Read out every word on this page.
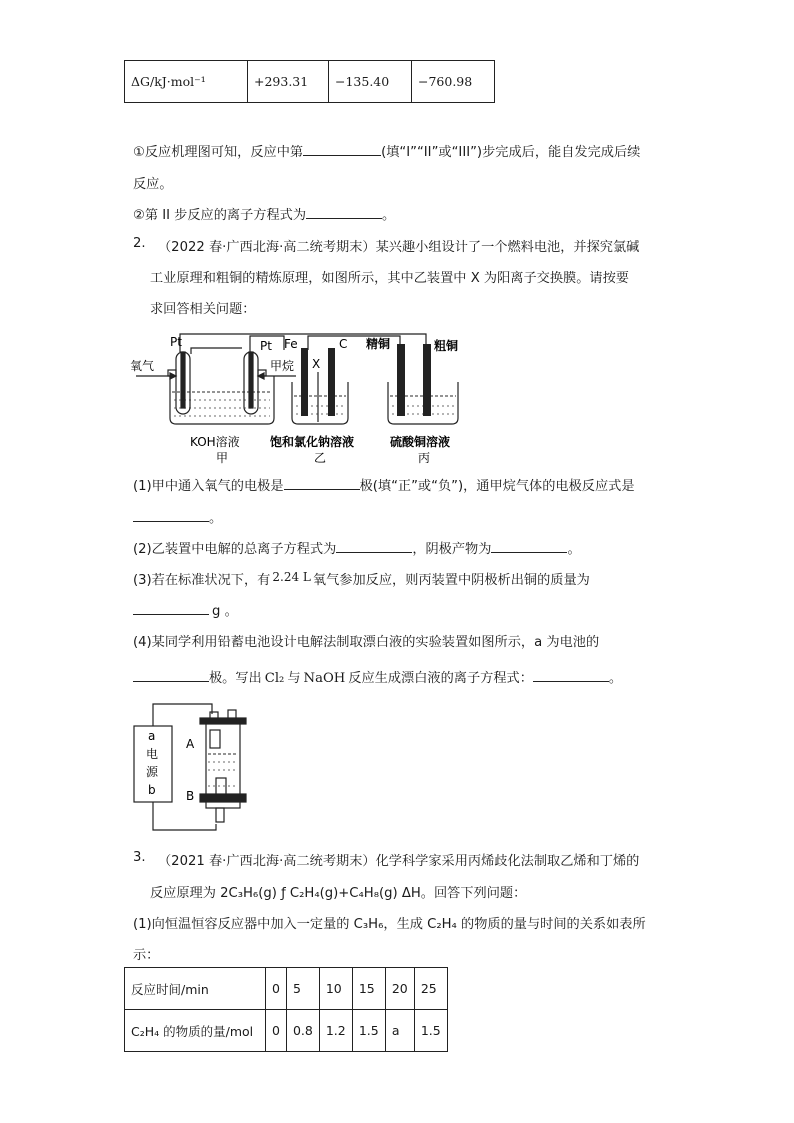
ΔG/kJ·mol⁻¹	+293.31	−135.40	−760.98
①反应机理图可知，反应中第	(填“I”“II”或“III”)步完成后，能自发完成后续
反应。
②第 II 步反应的离子方程式为	。
2. （2022 春·广西北海·高二统考期末）某兴趣小组设计了一个燃料电池，并探究氯碱
工业原理和粗铜的精炼原理，如图所示，其中乙装置中 X 为阳离子交换膜。请按要
求回答相关问题：
Pt	Pt Fe	C
X
精铜	粗铜
氧气	甲烷
KOH溶液
甲
饱和氯化钠溶液
乙
硫酸铜溶液
丙
(1)甲中通入氧气的电极是	极(填“正”或“负”)，通甲烷气体的电极反应式是
。
(2)乙装置中电解的总离子方程式为	，阴极产物为	。
(3)若在标准状况下，有 2.24 L 氧气参加反应，则丙装置中阴极析出铜的质量为
g 。
(4)某同学利用铅蓄电池设计电解法制取漂白液的实验装置如图所示，a 为电池的
极。写出 Cl₂ 与 NaOH 反应生成漂白液的离子方程式：	。
a
电
源
b
A
B
3. （2021 春·广西北海·高二统考期末）化学科学家采用丙烯歧化法制取乙烯和丁烯的
反应原理为 2C₃H₆(g) ƒ C₂H₄(g)+C₄H₈(g) ΔH。回答下列问题：
(1)向恒温恒容反应器中加入一定量的 C₃H₆，生成 C₂H₄ 的物质的量与时间的关系如表所
示：
反应时间/min	0	5	10	15	20	25
C₂H₄ 的物质的量/mol	0	0.8	1.2	1.5	a	1.5
